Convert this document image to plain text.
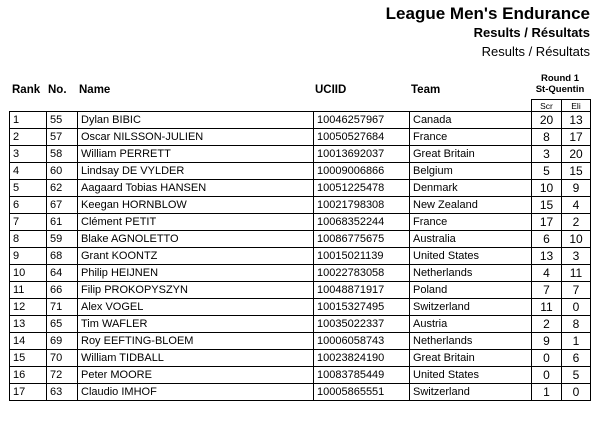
League Men's Endurance
Results / Résultats
Results / Résultats
Rank No. Name	UCIID	Team
Round 1
St-Quentin
Scr	Eli
1	55	Dylan BIBIC	10046257967	Canada	20	13
2	57	Oscar NILSSON-JULIEN	10050527684	France	8	17
3	58	William PERRETT	10013692037	Great Britain	3	20
4	60	Lindsay DE VYLDER	10009006866	Belgium	5	15
5	62	Aagaard Tobias HANSEN	10051225478	Denmark	10	9
6	67	Keegan HORNBLOW	10021798308	New Zealand	15	4
7	61	Clément PETIT	10068352244	France	17	2
8	59	Blake AGNOLETTO	10086775675	Australia	6	10
9	68	Grant KOONTZ	10015021139	United States	13	3
10	64	Philip HEIJNEN	10022783058	Netherlands	4	11
11	66	Filip PROKOPYSZYN	10048871917	Poland	7	7
12	71	Alex VOGEL	10015327495	Switzerland	11	0
13	65	Tim WAFLER	10035022337	Austria	2	8
14	69	Roy EEFTING-BLOEM	10006058743	Netherlands	9	1
15	70	William TIDBALL	10023824190	Great Britain	0	6
16	72	Peter MOORE	10083785449	United States	0	5
17	63	Claudio IMHOF	10005865551	Switzerland	1	0
